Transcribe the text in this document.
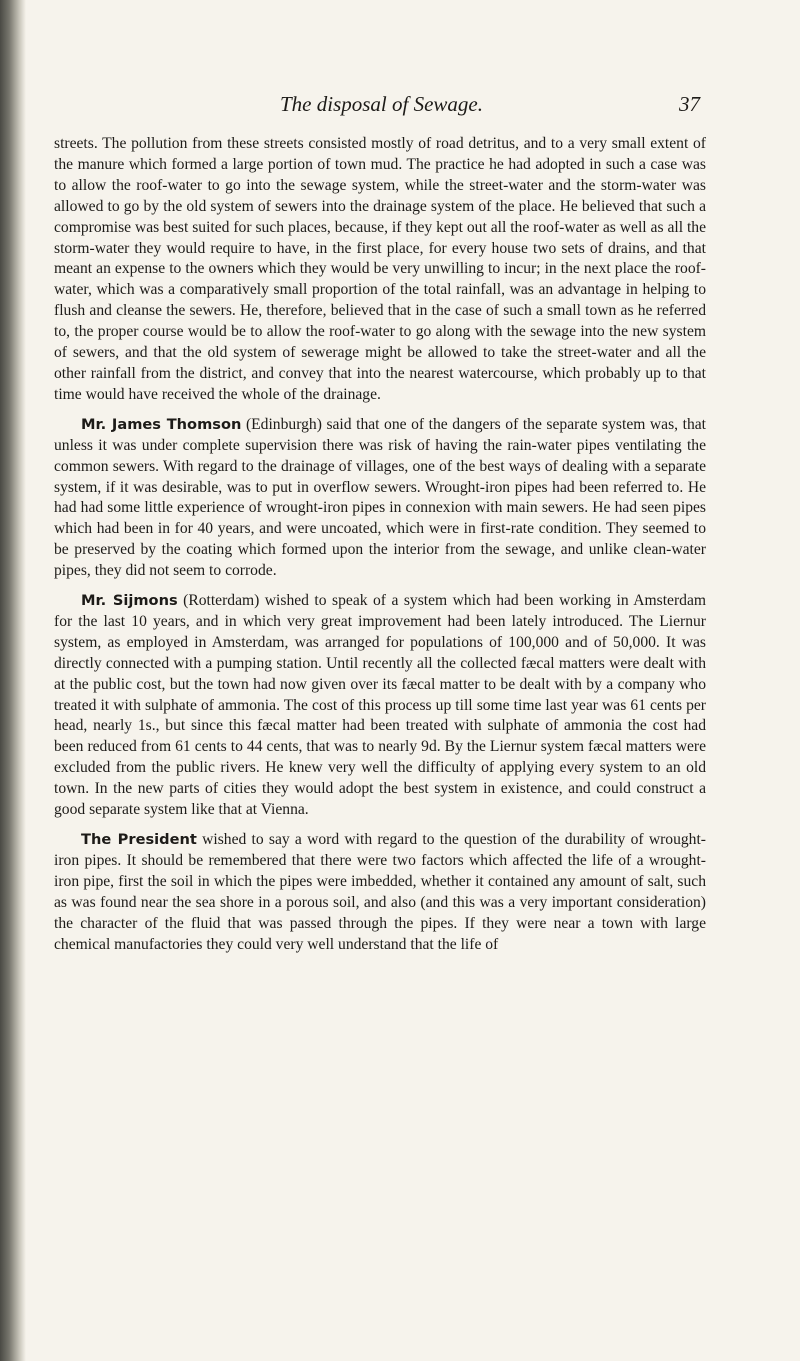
The disposal of Sewage.	37

streets. The pollution from these streets consisted mostly of road detritus, and to a very small extent of the manure which formed a large portion of town mud. The practice he had adopted in such a case was to allow the roof-water to go into the sewage system, while the street-water and the storm-water was allowed to go by the old system of sewers into the drainage system of the place. He believed that such a compromise was best suited for such places, because, if they kept out all the roof-water as well as all the storm-water they would require to have, in the first place, for every house two sets of drains, and that meant an expense to the owners which they would be very unwilling to incur; in the next place the roof-water, which was a comparatively small proportion of the total rainfall, was an advantage in helping to flush and cleanse the sewers. He, therefore, believed that in the case of such a small town as he referred to, the proper course would be to allow the roof-water to go along with the sewage into the new system of sewers, and that the old system of sewerage might be allowed to take the street-water and all the other rainfall from the district, and convey that into the nearest watercourse, which probably up to that time would have received the whole of the drainage.

Mr. James Thomson (Edinburgh) said that one of the dangers of the separate system was, that unless it was under complete supervision there was risk of having the rain-water pipes ventilating the common sewers. With regard to the drainage of villages, one of the best ways of dealing with a separate system, if it was desirable, was to put in overflow sewers. Wrought-iron pipes had been referred to. He had had some little experience of wrought-iron pipes in connexion with main sewers. He had seen pipes which had been in for 40 years, and were uncoated, which were in first-rate condition. They seemed to be preserved by the coating which formed upon the interior from the sewage, and unlike clean-water pipes, they did not seem to corrode.

Mr. Sijmons (Rotterdam) wished to speak of a system which had been working in Amsterdam for the last 10 years, and in which very great improvement had been lately introduced. The Liernur system, as employed in Amsterdam, was arranged for populations of 100,000 and of 50,000. It was directly connected with a pumping station. Until recently all the collected fæcal matters were dealt with at the public cost, but the town had now given over its fæcal matter to be dealt with by a company who treated it with sulphate of ammonia. The cost of this process up till some time last year was 61 cents per head, nearly 1s., but since this fæcal matter had been treated with sulphate of ammonia the cost had been reduced from 61 cents to 44 cents, that was to nearly 9d. By the Liernur system fæcal matters were excluded from the public rivers. He knew very well the difficulty of applying every system to an old town. In the new parts of cities they would adopt the best system in existence, and could construct a good separate system like that at Vienna.

The President wished to say a word with regard to the question of the durability of wrought-iron pipes. It should be remembered that there were two factors which affected the life of a wrought-iron pipe, first the soil in which the pipes were imbedded, whether it contained any amount of salt, such as was found near the sea shore in a porous soil, and also (and this was a very important consideration) the character of the fluid that was passed through the pipes. If they were near a town with large chemical manufactories they could very well understand that the life of
